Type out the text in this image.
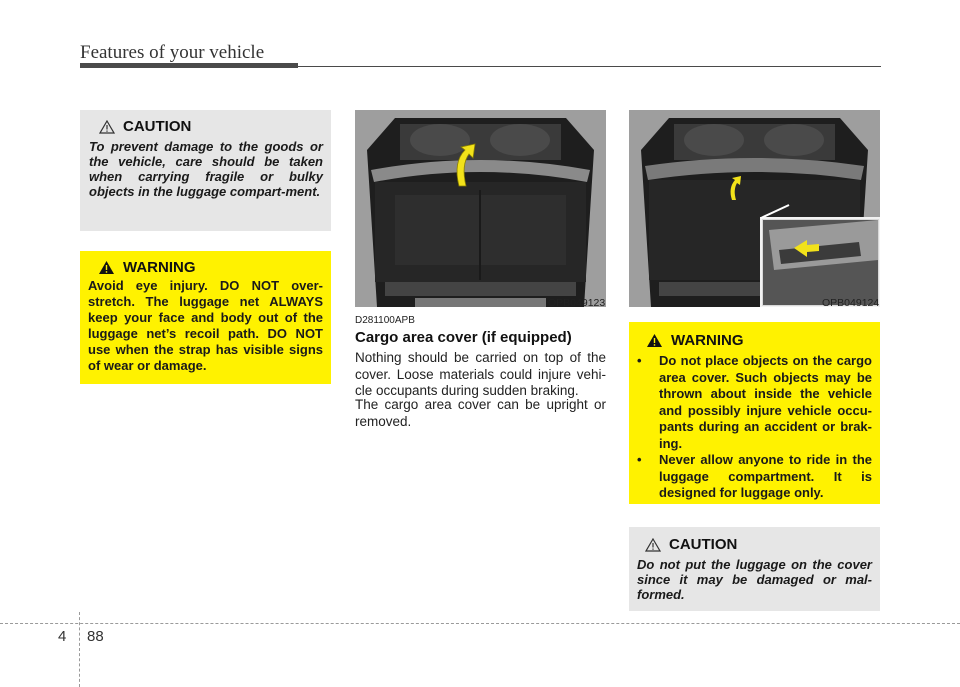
Features of your vehicle
CAUTION
To prevent damage to the goods or the vehicle, care should be taken when carrying fragile or bulky objects in the luggage compart-ment.
WARNING
Avoid eye injury. DO NOT over-stretch. The luggage net ALWAYS keep your face and body out of the luggage net’s recoil path. DO NOT use when the strap has visible signs of wear or damage.
OPB049123	OPB049124
D281100APB
Cargo area cover (if equipped)
Nothing should be carried on top of the cover. Loose materials could injure vehi-cle occupants during sudden braking.
The cargo area cover can be upright or removed.
WARNING
• Do not place objects on the cargo area cover. Such objects may be thrown about inside the vehicle and possibly injure vehicle occu-pants during an accident or brak-ing.
• Never allow anyone to ride in the luggage compartment. It is designed for luggage only.
CAUTION
Do not put the luggage on the cover since it may be damaged or mal-formed.
4 88
